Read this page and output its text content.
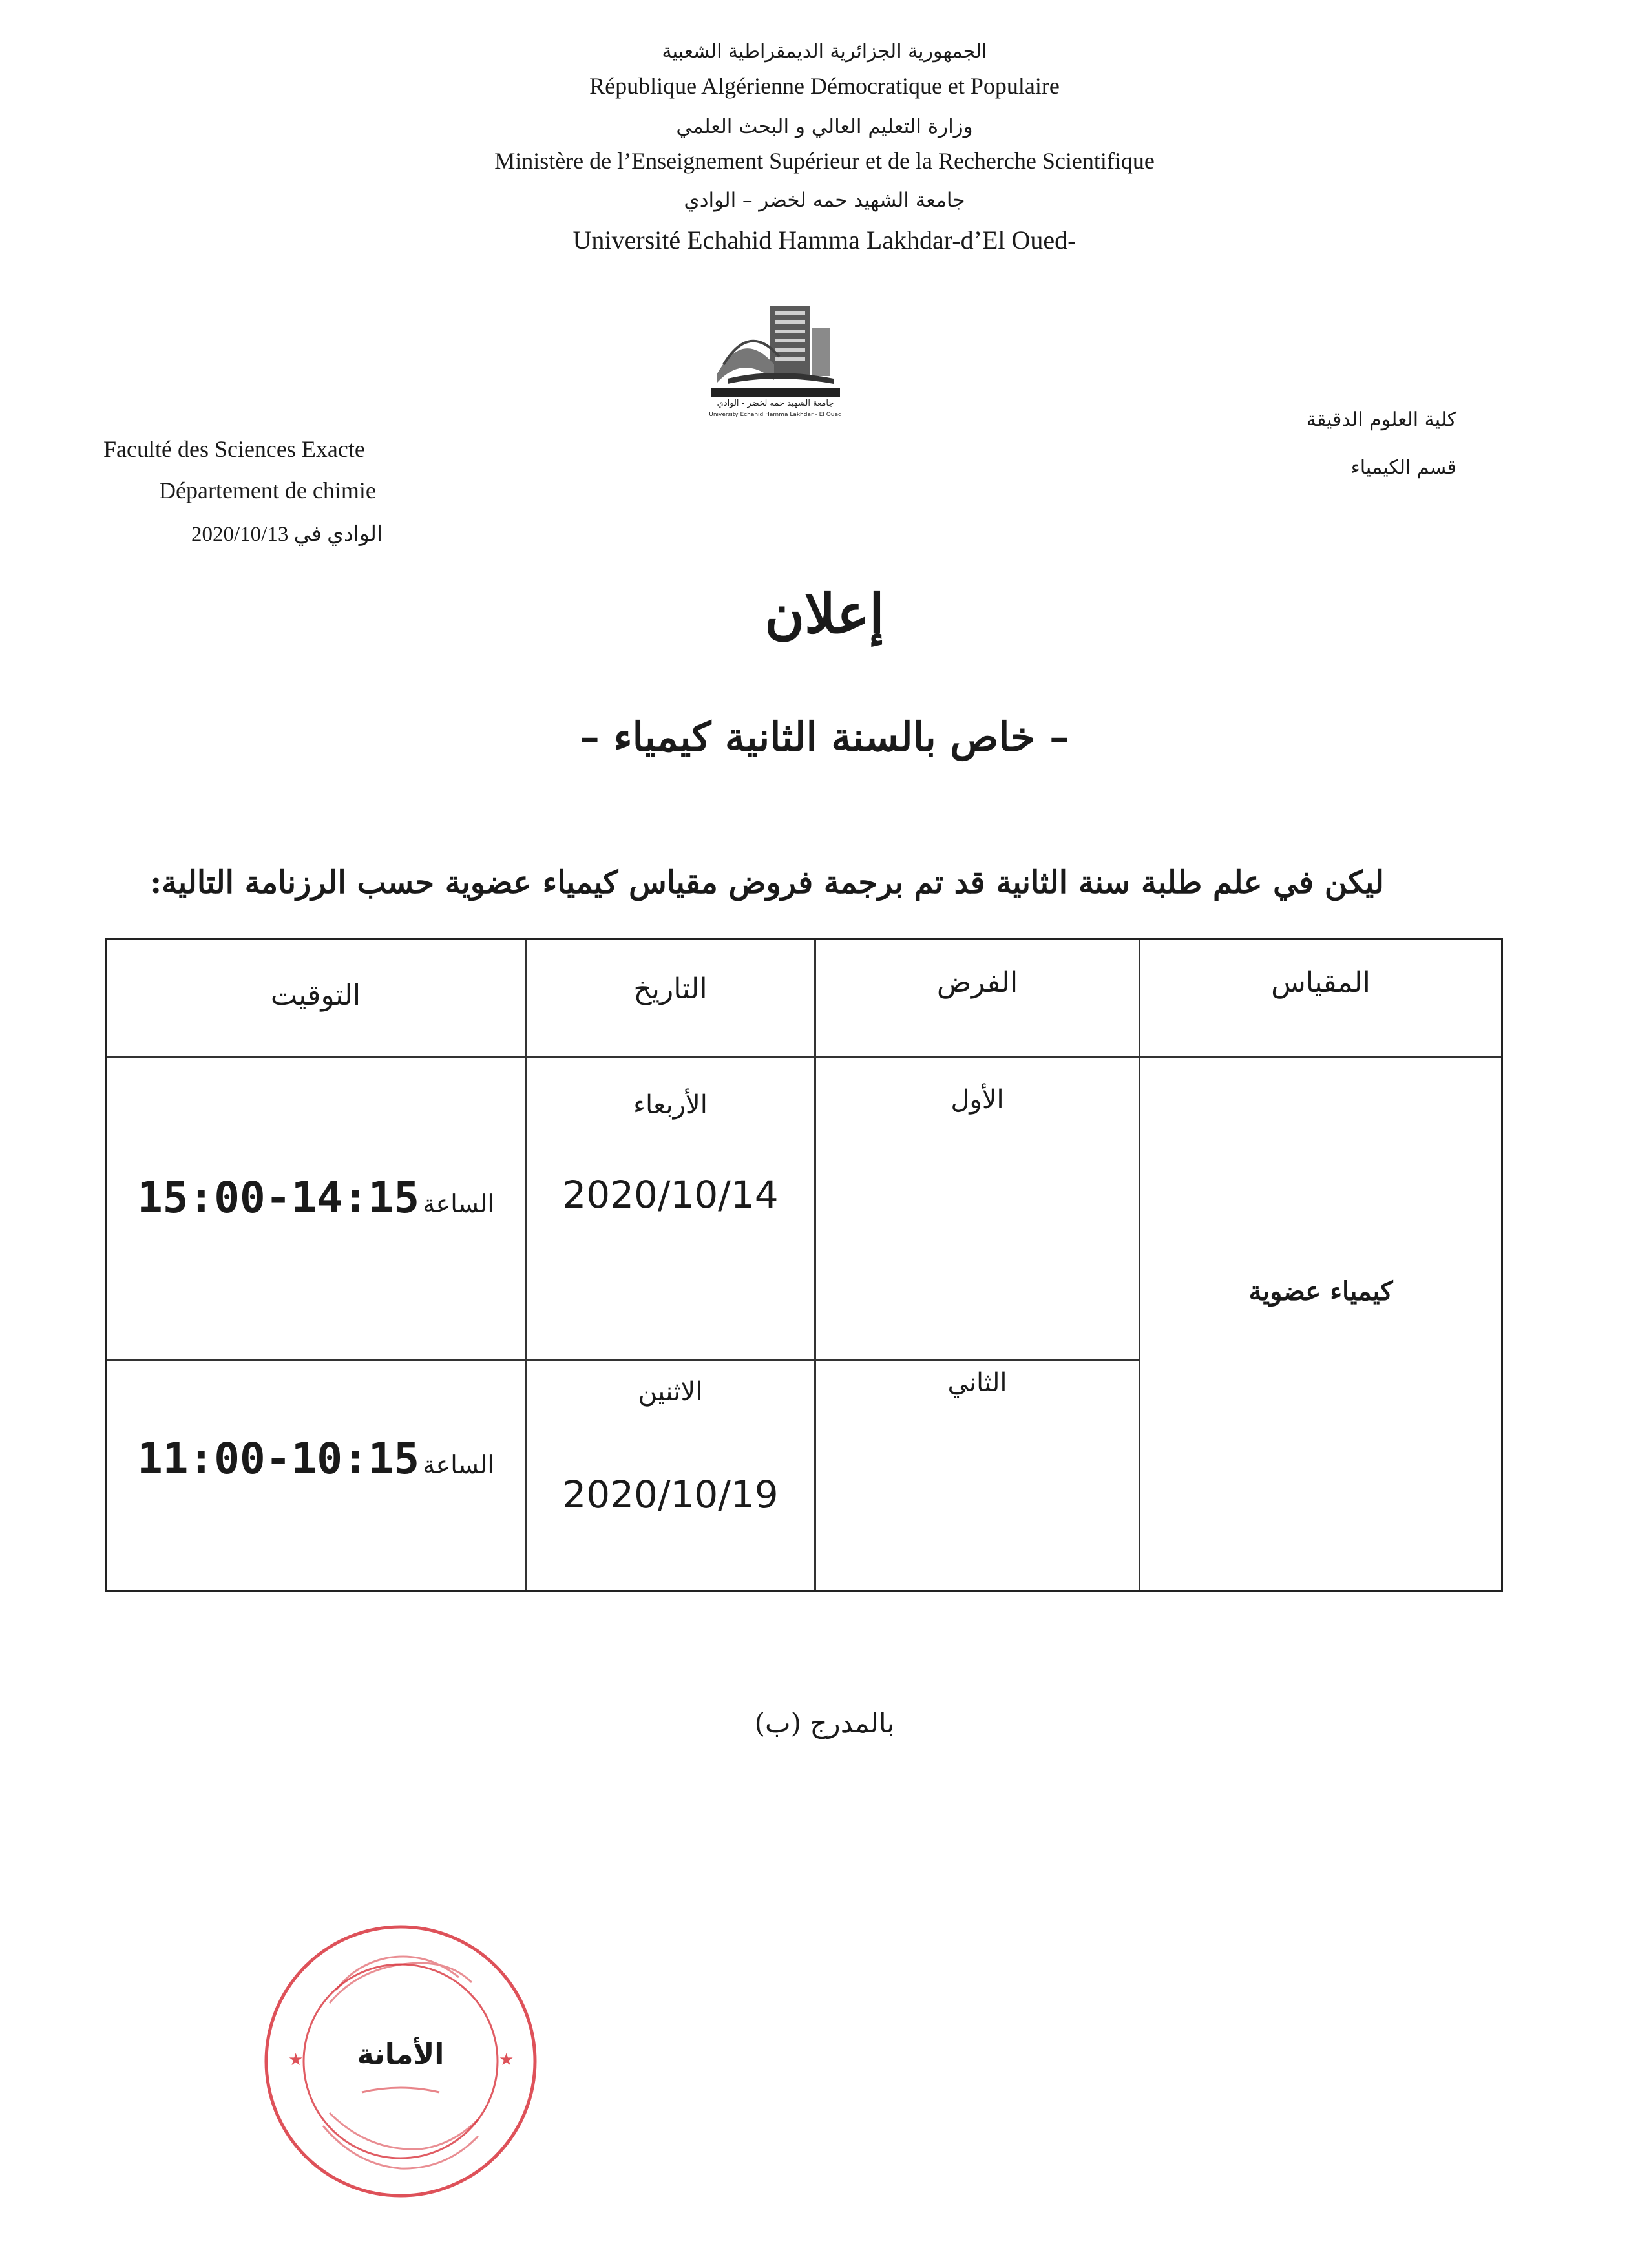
الجمهورية الجزائرية الديمقراطية الشعبية
République Algérienne Démocratique et Populaire
وزارة التعليم العالي و البحث العلمي
Ministère de l’Enseignement Supérieur et de la Recherche Scientifique
جامعة الشهيد حمه لخضر – الوادي
Université Echahid Hamma Lakhdar-d’El Oued-
جامعة الشهيد حمه لخضر - الوادي
University Echahid Hamma Lakhdar - El Oued
Faculté des Sciences Exacte
Département de chimie
الوادي في 2020/10/13
كلية العلوم الدقيقة
قسم الكيمياء
إعلان
– خاص بالسنة الثانية كيمياء –
ليكن في علم طلبة سنة الثانية قد تم برجمة فروض مقياس كيمياء عضوية حسب الرزنامة التالية:
المقياس
الفرض
التاريخ
التوقيت
كيمياء عضوية
الأول
الأربعاء
2020/10/14
الساعة 15:00-14:15
الثاني
الاثنين
2020/10/19
الساعة 11:00-10:15
بالمدرج (ب)
★	★
الأمانة
